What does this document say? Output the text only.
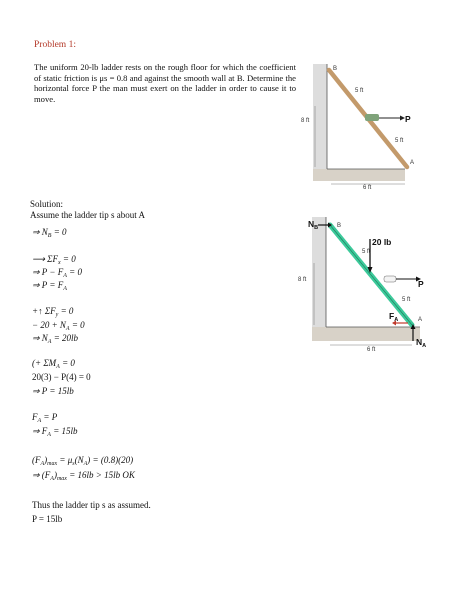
Problem 1:
The uniform 20-lb ladder rests on the rough floor for which the coefficient of static friction is μs = 0.8 and against the smooth wall at B. Determine the horizontal force P the man must exert on the ladder in order to cause it to move.
B
5 ft
8 ft	P
5 ft
A
6 ft
Solution:
Assume the ladder tip s about A
⇒ $N_B = 0$
⟶ $\Sigma F_x = 0$
⇒ $P - F_A = 0$
⇒ $P = F_A$
+↑ $\Sigma F_y = 0$
− $20 + N_A = 0$
⇒ $N_A = 20lb$
(+ $\Sigma M_A = 0$
20(3) − P(4) = 0
⇒ P = 15lb
$F_A = P$
⇒ $F_A = 15lb$
$(F_A)_{max} = \mu_s(N_A) = (0.8)(20)$
⇒ $(F_A)_{max} = 16lb > 15lb$ OK
Thus the ladder tip s as assumed.
P = 15lb
$N_B$	B
20 lb
5 ft
8 ft	P
5 ft
$F_A$	A
$N_A$
6 ft
